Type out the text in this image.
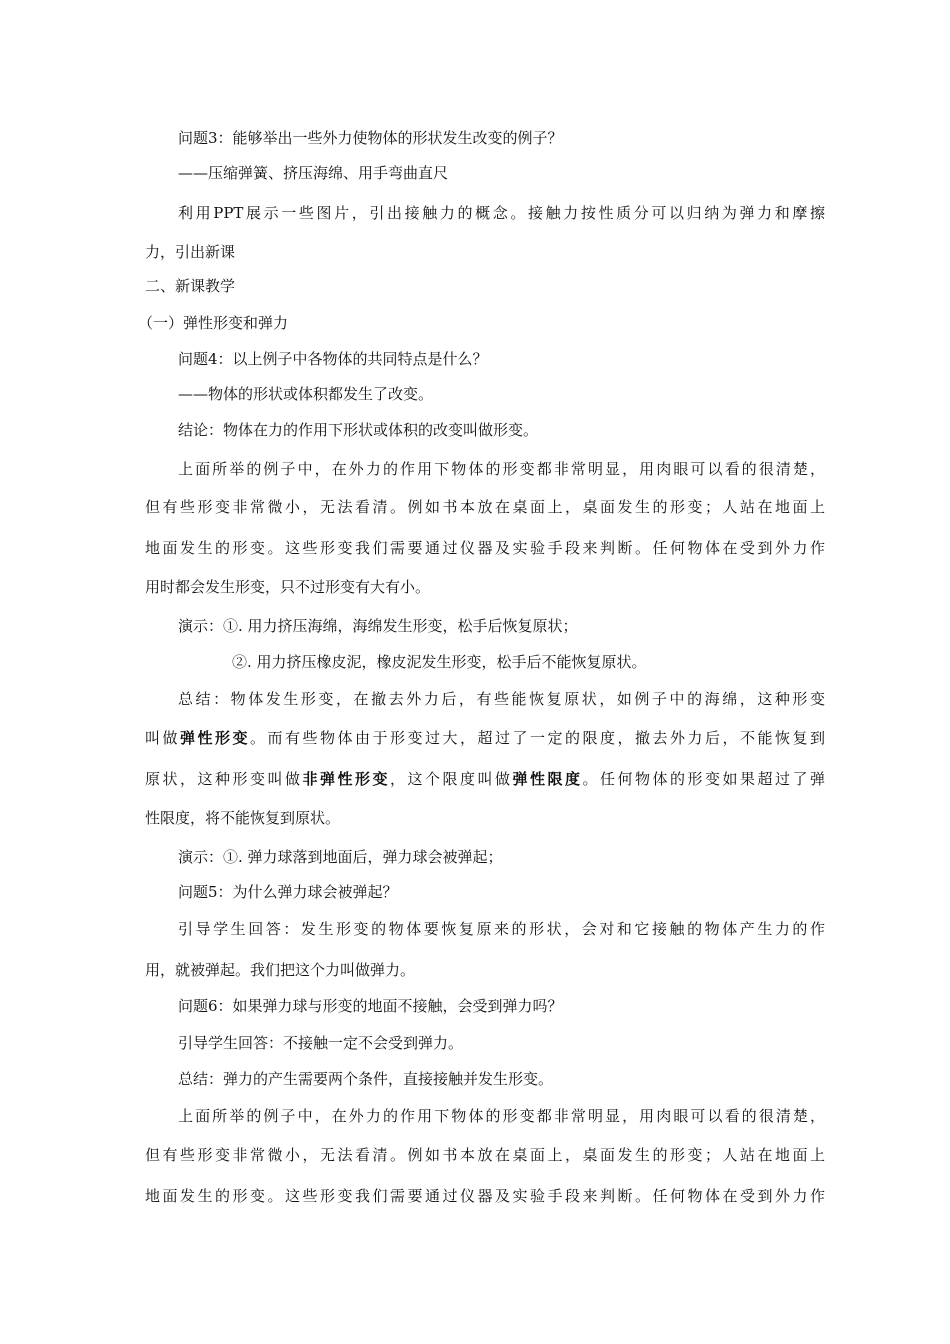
问题3：能够举出一些外力使物体的形状发生改变的例子？
——压缩弹簧、挤压海绵、用手弯曲直尺
利用PPT展示一些图片，引出接触力的概念。接触力按性质分可以归纳为弹力和摩擦
力，引出新课
二、新课教学
（一）弹性形变和弹力
问题4：以上例子中各物体的共同特点是什么？
——物体的形状或体积都发生了改变。
结论：物体在力的作用下形状或体积的改变叫做形变。
上面所举的例子中，在外力的作用下物体的形变都非常明显，用肉眼可以看的很清楚，
但有些形变非常微小，无法看清。例如书本放在桌面上，桌面发生的形变；人站在地面上
地面发生的形变。这些形变我们需要通过仪器及实验手段来判断。任何物体在受到外力作
用时都会发生形变，只不过形变有大有小。
演示：①. 用力挤压海绵，海绵发生形变，松手后恢复原状；
②. 用力挤压橡皮泥，橡皮泥发生形变，松手后不能恢复原状。
总结：物体发生形变，在撤去外力后，有些能恢复原状，如例子中的海绵，这种形变
叫做弹性形变。而有些物体由于形变过大，超过了一定的限度，撤去外力后，不能恢复到
原状，这种形变叫做非弹性形变，这个限度叫做弹性限度。任何物体的形变如果超过了弹
性限度，将不能恢复到原状。
演示：①. 弹力球落到地面后，弹力球会被弹起；
问题5：为什么弹力球会被弹起？
引导学生回答：发生形变的物体要恢复原来的形状，会对和它接触的物体产生力的作
用，就被弹起。我们把这个力叫做弹力。
问题6：如果弹力球与形变的地面不接触，会受到弹力吗？
引导学生回答：不接触一定不会受到弹力。
总结：弹力的产生需要两个条件，直接接触并发生形变。
上面所举的例子中，在外力的作用下物体的形变都非常明显，用肉眼可以看的很清楚，
但有些形变非常微小，无法看清。例如书本放在桌面上，桌面发生的形变；人站在地面上
地面发生的形变。这些形变我们需要通过仪器及实验手段来判断。任何物体在受到外力作
